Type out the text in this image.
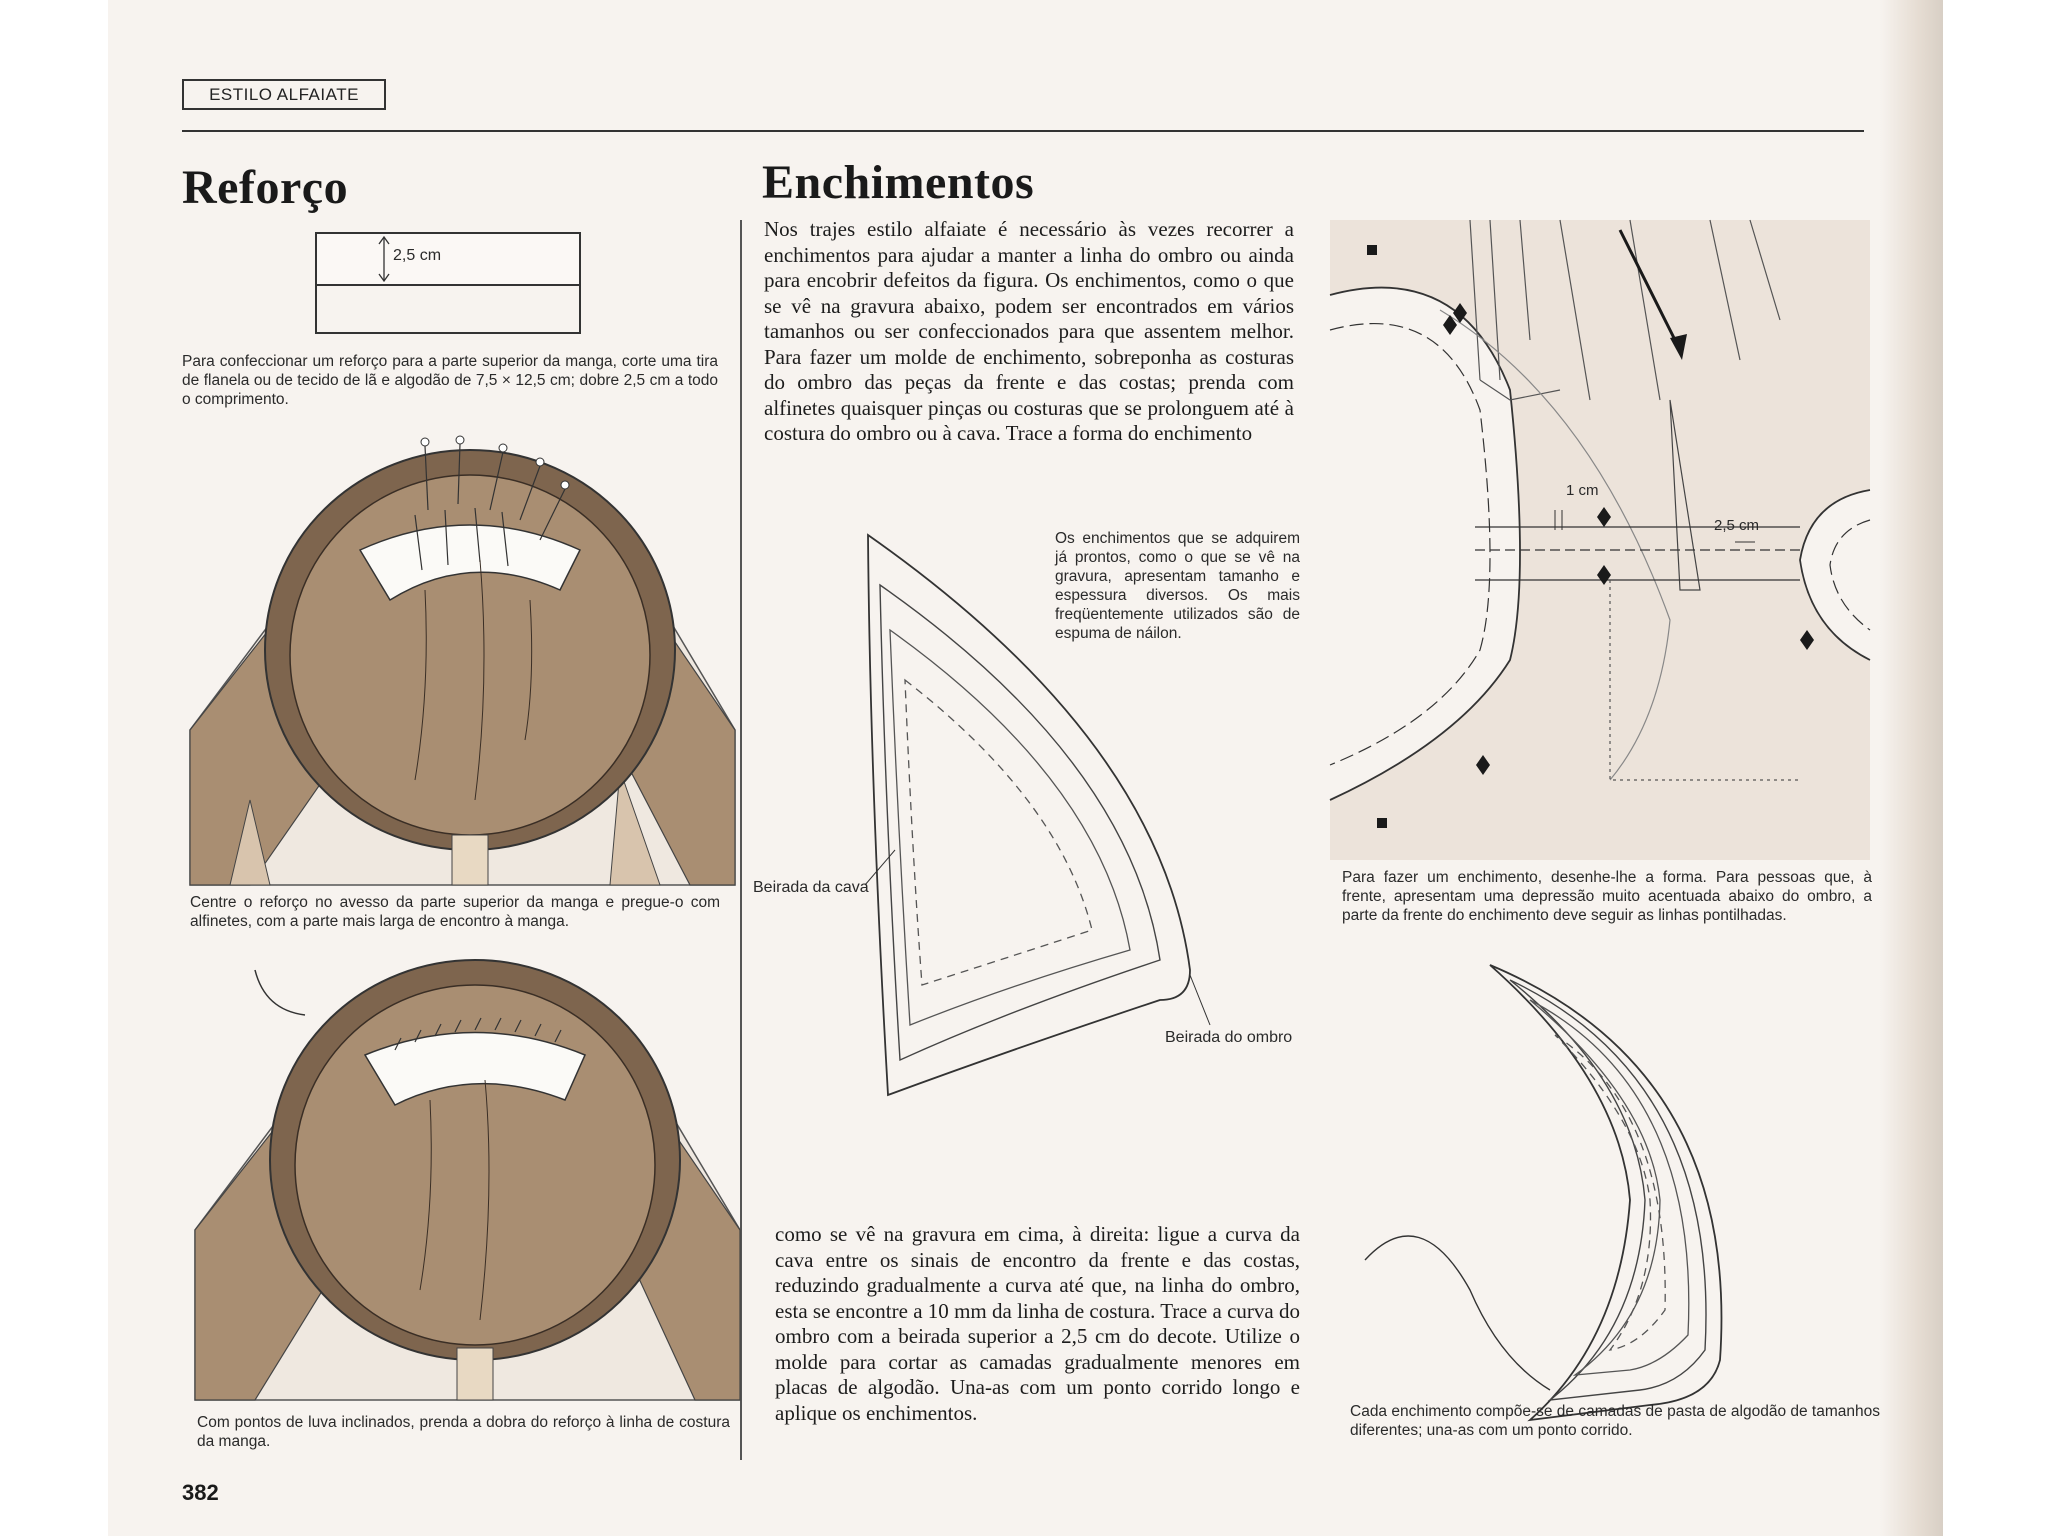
ESTILO ALFAIATE
Reforço
2,5 cm
Para confeccionar um reforço para a parte superior da manga, corte uma tira de flanela ou de tecido de lã e algodão de 7,5 × 12,5 cm; dobre 2,5 cm a todo o comprimento.
Centre o reforço no avesso da parte superior da manga e pregue-o com alfinetes, com a parte mais larga de encontro à manga.
Com pontos de luva inclinados, prenda a dobra do reforço à linha de costura da manga.
382
Enchimentos
Nos trajes estilo alfaiate é necessário às vezes recorrer a enchimentos para ajudar a manter a linha do ombro ou ainda para encobrir defeitos da figura. Os enchimentos, como o que se vê na gravura abaixo, podem ser encontrados em vários tamanhos ou ser confeccionados para que assentem melhor. Para fazer um molde de enchimento, sobreponha as costuras do ombro das peças da frente e das costas; prenda com alfinetes quaisquer pinças ou costuras que se prolonguem até à costura do ombro ou à cava. Trace a forma do enchimento
Os enchimentos que se adquirem já prontos, como o que se vê na gravura, apresentam tamanho e espessura diversos. Os mais freqüentemente utilizados são de espuma de náilon.
Beirada da cava
Beirada do ombro
como se vê na gravura em cima, à direita: ligue a curva da cava entre os sinais de encontro da frente e das costas, reduzindo gradualmente a curva até que, na linha do ombro, esta se encontre a 10 mm da linha de costura. Trace a curva do ombro com a beirada superior a 2,5 cm do decote. Utilize o molde para cortar as camadas gradualmente menores em placas de algodão. Una-as com um ponto corrido longo e aplique os enchimentos.
1 cm
2,5 cm
Para fazer um enchimento, desenhe-lhe a forma. Para pessoas que, à frente, apresentam uma depressão muito acentuada abaixo do ombro, a parte da frente do enchimento deve seguir as linhas pontilhadas.
Cada enchimento compõe-se de camadas de pasta de algodão de tamanhos diferentes; una-as com um ponto corrido.
